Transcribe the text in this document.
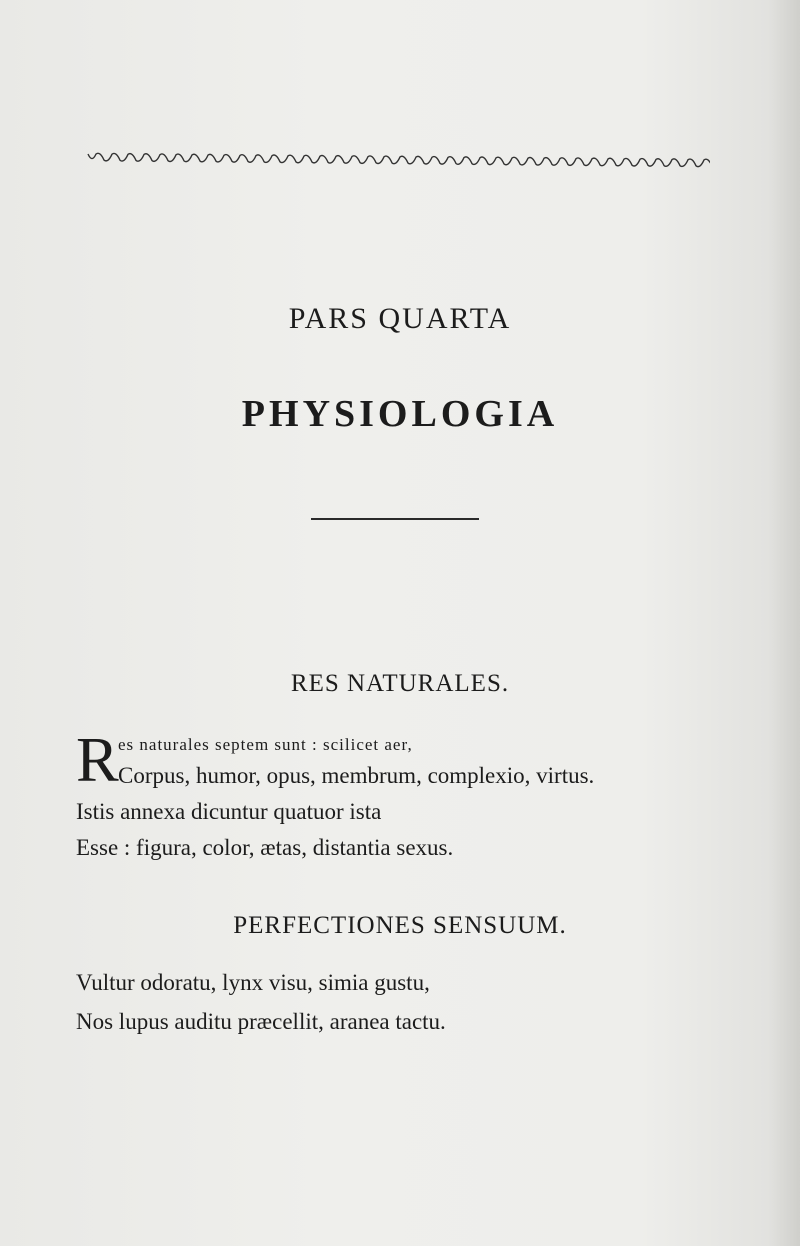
PARS QUARTA
PHYSIOLOGIA
RES NATURALES.
R es naturales septem sunt : scilicet aer,
Corpus, humor, opus, membrum, complexio, virtus.
Istis annexa dicuntur quatuor ista
Esse : figura, color, ætas, distantia sexus.
PERFECTIONES SENSUUM.
Vultur odoratu, lynx visu, simia gustu,
Nos lupus auditu præcellit, aranea tactu.
